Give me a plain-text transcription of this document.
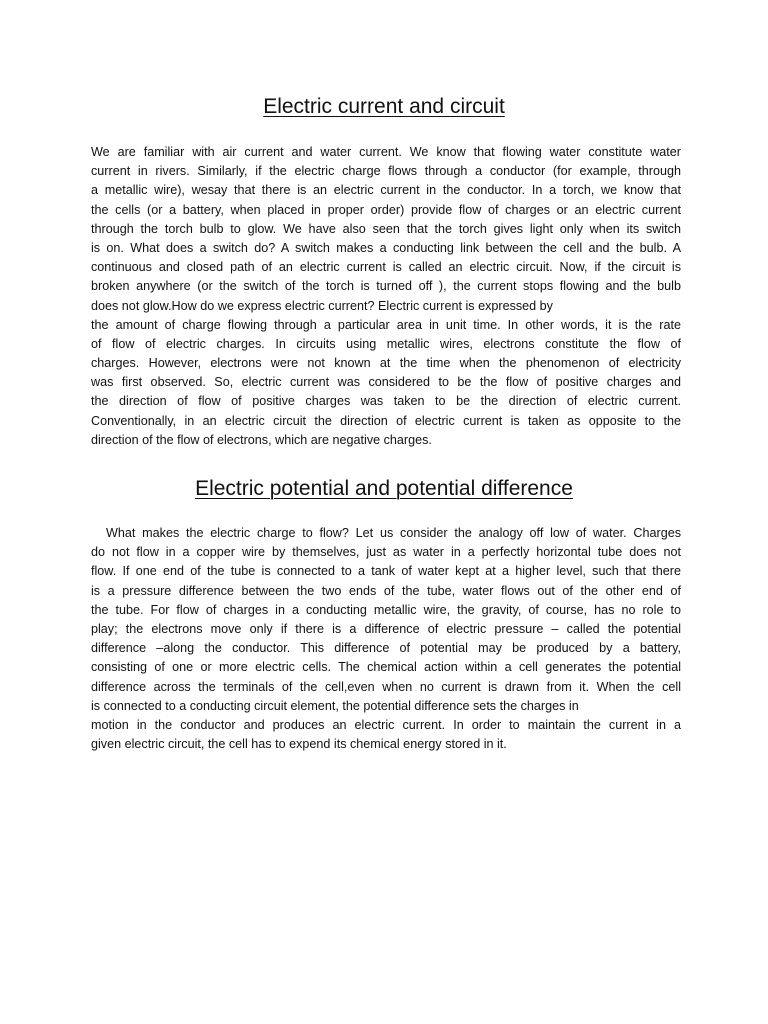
Electric current and circuit
We are familiar with air current and water current. We know that flowing water constitute water
current in rivers. Similarly, if the electric charge flows through a conductor (for example, through
a metallic wire), wesay that there is an electric current in the conductor. In a torch, we know that
the cells (or a battery, when placed in proper order) provide flow of charges or an electric current
through the torch bulb to glow. We have also seen that the torch gives light only when its switch
is on. What does a switch do? A switch makes a conducting link between the cell and the bulb. A
continuous and closed path of an electric current is called an electric circuit. Now, if the circuit is
broken anywhere (or the switch of the torch is turned off ), the current stops flowing and the bulb
does not glow.How do we express electric current? Electric current is expressed by
the amount of charge flowing through a particular area in unit time. In other words, it is the rate
of flow of electric charges. In circuits using metallic wires, electrons constitute the flow of
charges. However, electrons were not known at the time when the phenomenon of electricity
was first observed. So, electric current was considered to be the flow of positive charges and
the direction of flow of positive charges was taken to be the direction of electric current.
Conventionally, in an electric circuit the direction of electric current is taken as opposite to the
direction of the flow of electrons, which are negative charges.
Electric potential and potential difference
What makes the electric charge to flow? Let us consider the analogy off low of water. Charges
do not flow in a copper wire by themselves, just as water in a perfectly horizontal tube does not
flow. If one end of the tube is connected to a tank of water kept at a higher level, such that there
is a pressure difference between the two ends of the tube, water flows out of the other end of
the tube. For flow of charges in a conducting metallic wire, the gravity, of course, has no role to
play; the electrons move only if there is a difference of electric pressure – called the potential
difference –along the conductor. This difference of potential may be produced by a battery,
consisting of one or more electric cells. The chemical action within a cell generates the potential
difference across the terminals of the cell,even when no current is drawn from it. When the cell
is connected to a conducting circuit element, the potential difference sets the charges in
motion in the conductor and produces an electric current. In order to maintain the current in a
given electric circuit, the cell has to expend its chemical energy stored in it.
